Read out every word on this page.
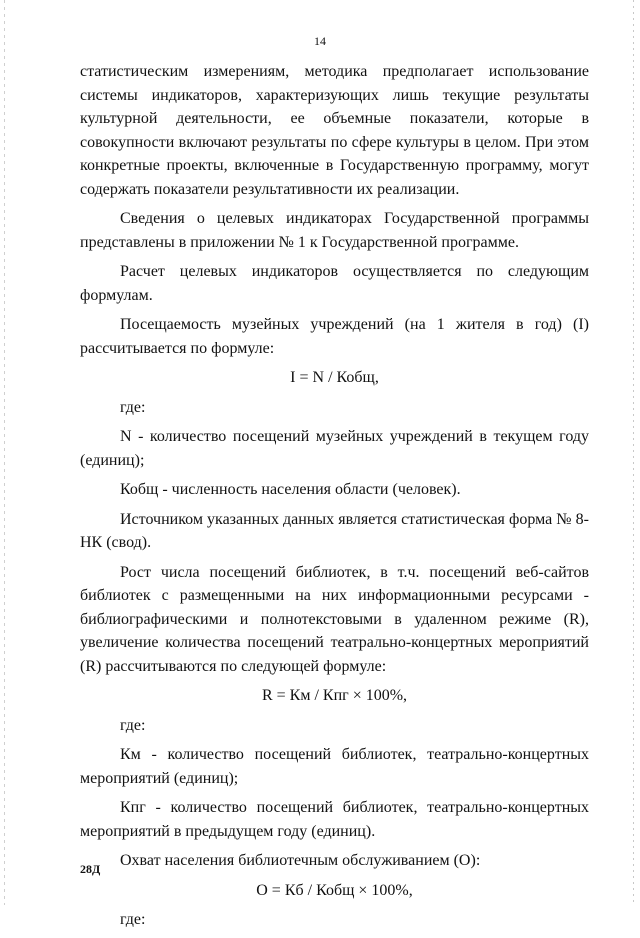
14

статистическим измерениям, методика предполагает использование системы индикаторов, характеризующих лишь текущие результаты культурной деятельности, ее объемные показатели, которые в совокупности включают результаты по сфере культуры в целом. При этом конкретные проекты, включенные в Государственную программу, могут содержать показатели результативности их реализации.

Сведения о целевых индикаторах Государственной программы представлены в приложении № 1 к Государственной программе.

Расчет целевых индикаторов осуществляется по следующим формулам.

Посещаемость музейных учреждений (на 1 жителя в год) (I) рассчитывается по формуле:

I = N / Кобщ,

где:

N - количество посещений музейных учреждений в текущем году (единиц);

Кобщ - численность населения области (человек).

Источником указанных данных является статистическая форма № 8-НК (свод).

Рост числа посещений библиотек, в т.ч. посещений веб-сайтов библиотек с размещенными на них информационными ресурсами - библиографическими и полнотекстовыми в удаленном режиме (R), увеличение количества посещений театрально-концертных мероприятий (R) рассчитываются по следующей формуле:

R = Км / Кпг × 100%,

где:

Км - количество посещений библиотек, театрально-концертных мероприятий (единиц);

Кпг - количество посещений библиотек, театрально-концертных мероприятий в предыдущем году (единиц).

Охват населения библиотечным обслуживанием (O):

O = Кб / Кобщ × 100%,

где:

28Д
